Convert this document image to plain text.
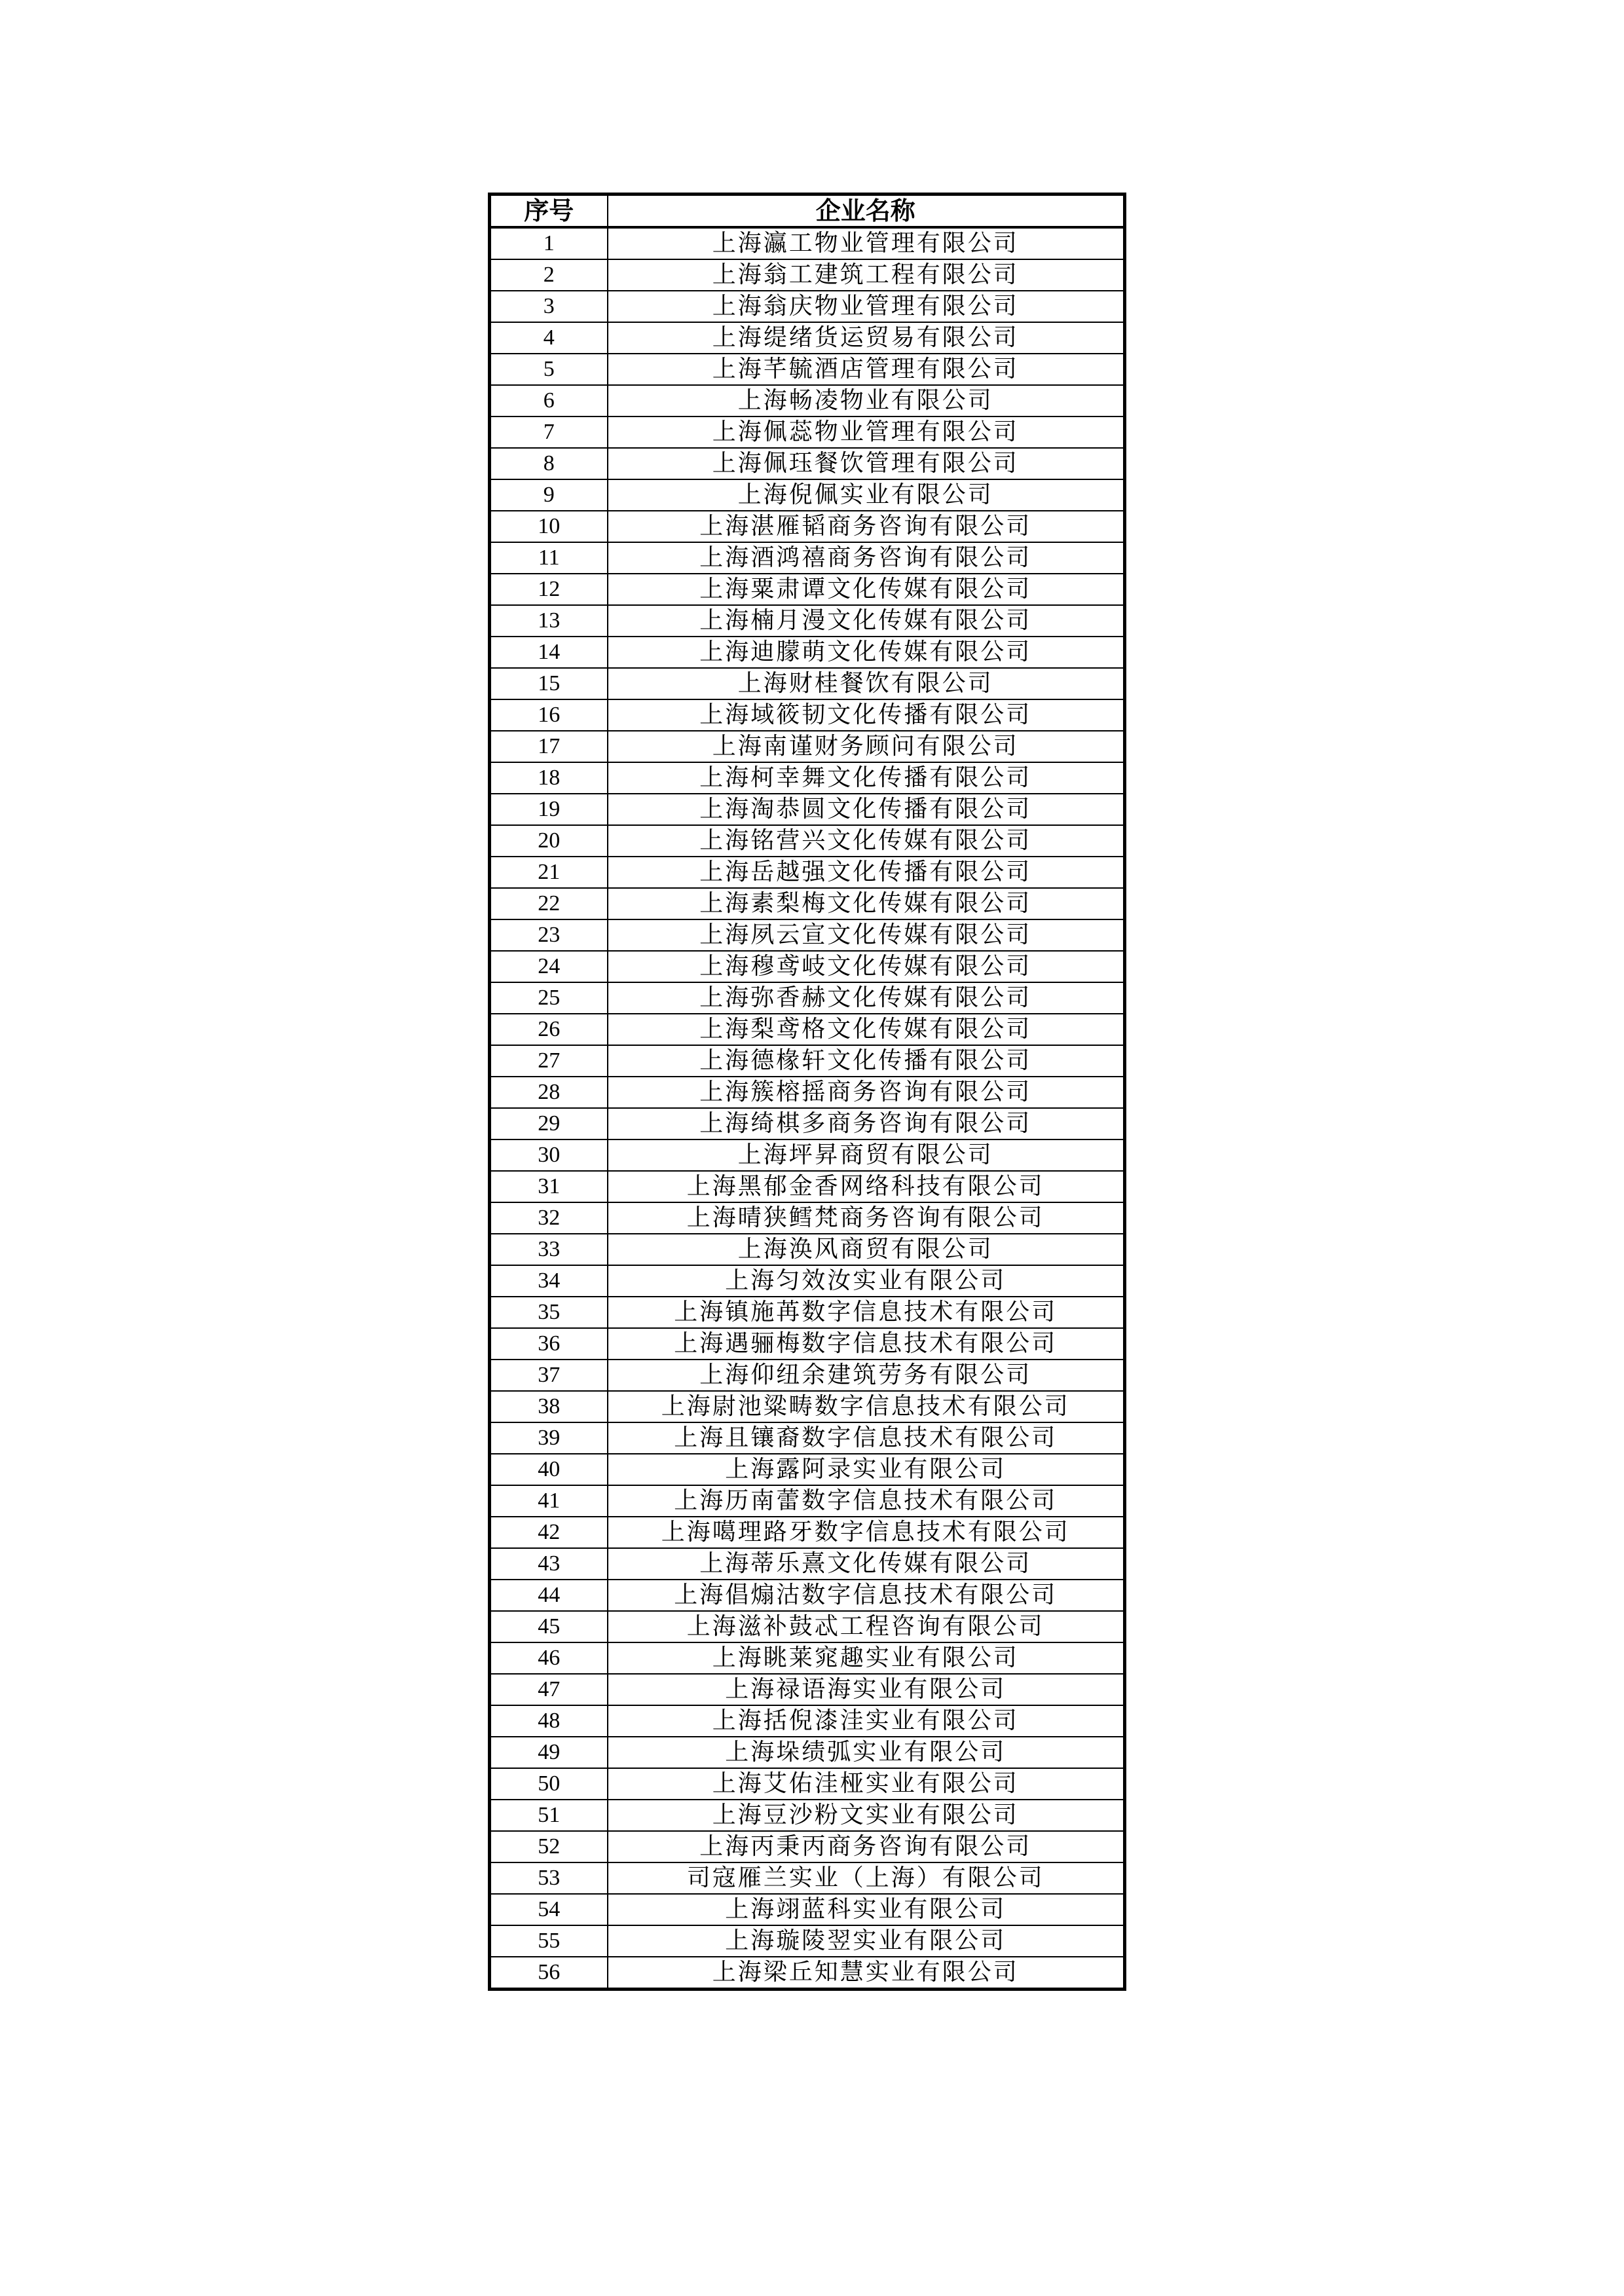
序号	企业名称
1	上海瀛工物业管理有限公司
2	上海翁工建筑工程有限公司
3	上海翁庆物业管理有限公司
4	上海缇绪货运贸易有限公司
5	上海芊毓酒店管理有限公司
6	上海畅凌物业有限公司
7	上海佩蕊物业管理有限公司
8	上海佩珏餐饮管理有限公司
9	上海倪佩实业有限公司
10	上海湛雁韬商务咨询有限公司
11	上海酒鸿禧商务咨询有限公司
12	上海粟肃谭文化传媒有限公司
13	上海楠月漫文化传媒有限公司
14	上海迪朦萌文化传媒有限公司
15	上海财桂餐饮有限公司
16	上海域筱韧文化传播有限公司
17	上海南谨财务顾问有限公司
18	上海柯幸舞文化传播有限公司
19	上海淘恭圆文化传播有限公司
20	上海铭营兴文化传媒有限公司
21	上海岳越强文化传播有限公司
22	上海素梨梅文化传媒有限公司
23	上海夙云宣文化传媒有限公司
24	上海穆鸢岐文化传媒有限公司
25	上海弥香赫文化传媒有限公司
26	上海梨鸢格文化传媒有限公司
27	上海德椽轩文化传播有限公司
28	上海簇榕摇商务咨询有限公司
29	上海绮棋多商务咨询有限公司
30	上海坪昇商贸有限公司
31	上海黑郁金香网络科技有限公司
32	上海晴狭鳕梵商务咨询有限公司
33	上海涣风商贸有限公司
34	上海匀效汝实业有限公司
35	上海镇施苒数字信息技术有限公司
36	上海遇骊梅数字信息技术有限公司
37	上海仰纽余建筑劳务有限公司
38	上海尉池粱畴数字信息技术有限公司
39	上海且镶裔数字信息技术有限公司
40	上海露阿录实业有限公司
41	上海历南蕾数字信息技术有限公司
42	上海噶理路牙数字信息技术有限公司
43	上海蒂乐熹文化传媒有限公司
44	上海倡煽沽数字信息技术有限公司
45	上海滋补鼓忒工程咨询有限公司
46	上海眺莱窕趣实业有限公司
47	上海禄语海实业有限公司
48	上海括倪漆洼实业有限公司
49	上海垛绩弧实业有限公司
50	上海艾佑洼桠实业有限公司
51	上海豆沙粉文实业有限公司
52	上海丙秉丙商务咨询有限公司
53	司寇雁兰实业（上海）有限公司
54	上海翊蓝科实业有限公司
55	上海璇陵翌实业有限公司
56	上海梁丘知慧实业有限公司
